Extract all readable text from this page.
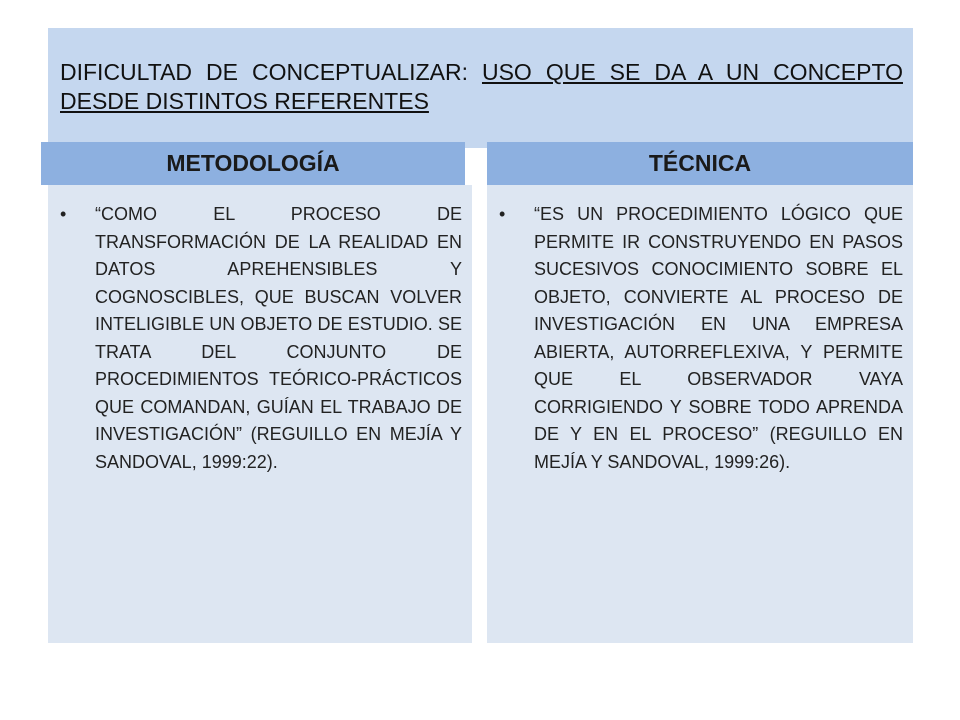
DIFICULTAD DE CONCEPTUALIZAR: USO QUE SE DA A UN CONCEPTO DESDE DISTINTOS REFERENTES
METODOLOGÍA	TÉCNICA
• “COMO EL PROCESO DE TRANSFORMACIÓN DE LA REALIDAD EN DATOS APREHENSIBLES Y COGNOSCIBLES, QUE BUSCAN VOLVER INTELIGIBLE UN OBJETO DE ESTUDIO. SE TRATA DEL CONJUNTO DE PROCEDIMIENTOS TEÓRICO-PRÁCTICOS QUE COMANDAN, GUÍAN EL TRABAJO DE INVESTIGACIÓN” (REGUILLO EN MEJÍA Y SANDOVAL, 1999:22).
• “ES UN PROCEDIMIENTO LÓGICO QUE PERMITE IR CONSTRUYENDO EN PASOS SUCESIVOS CONOCIMIENTO SOBRE EL OBJETO, CONVIERTE AL PROCESO DE INVESTIGACIÓN EN UNA EMPRESA ABIERTA, AUTORREFLEXIVA, Y PERMITE QUE EL OBSERVADOR VAYA CORRIGIENDO Y SOBRE TODO APRENDA DE Y EN EL PROCESO” (REGUILLO EN MEJÍA Y SANDOVAL, 1999:26).
